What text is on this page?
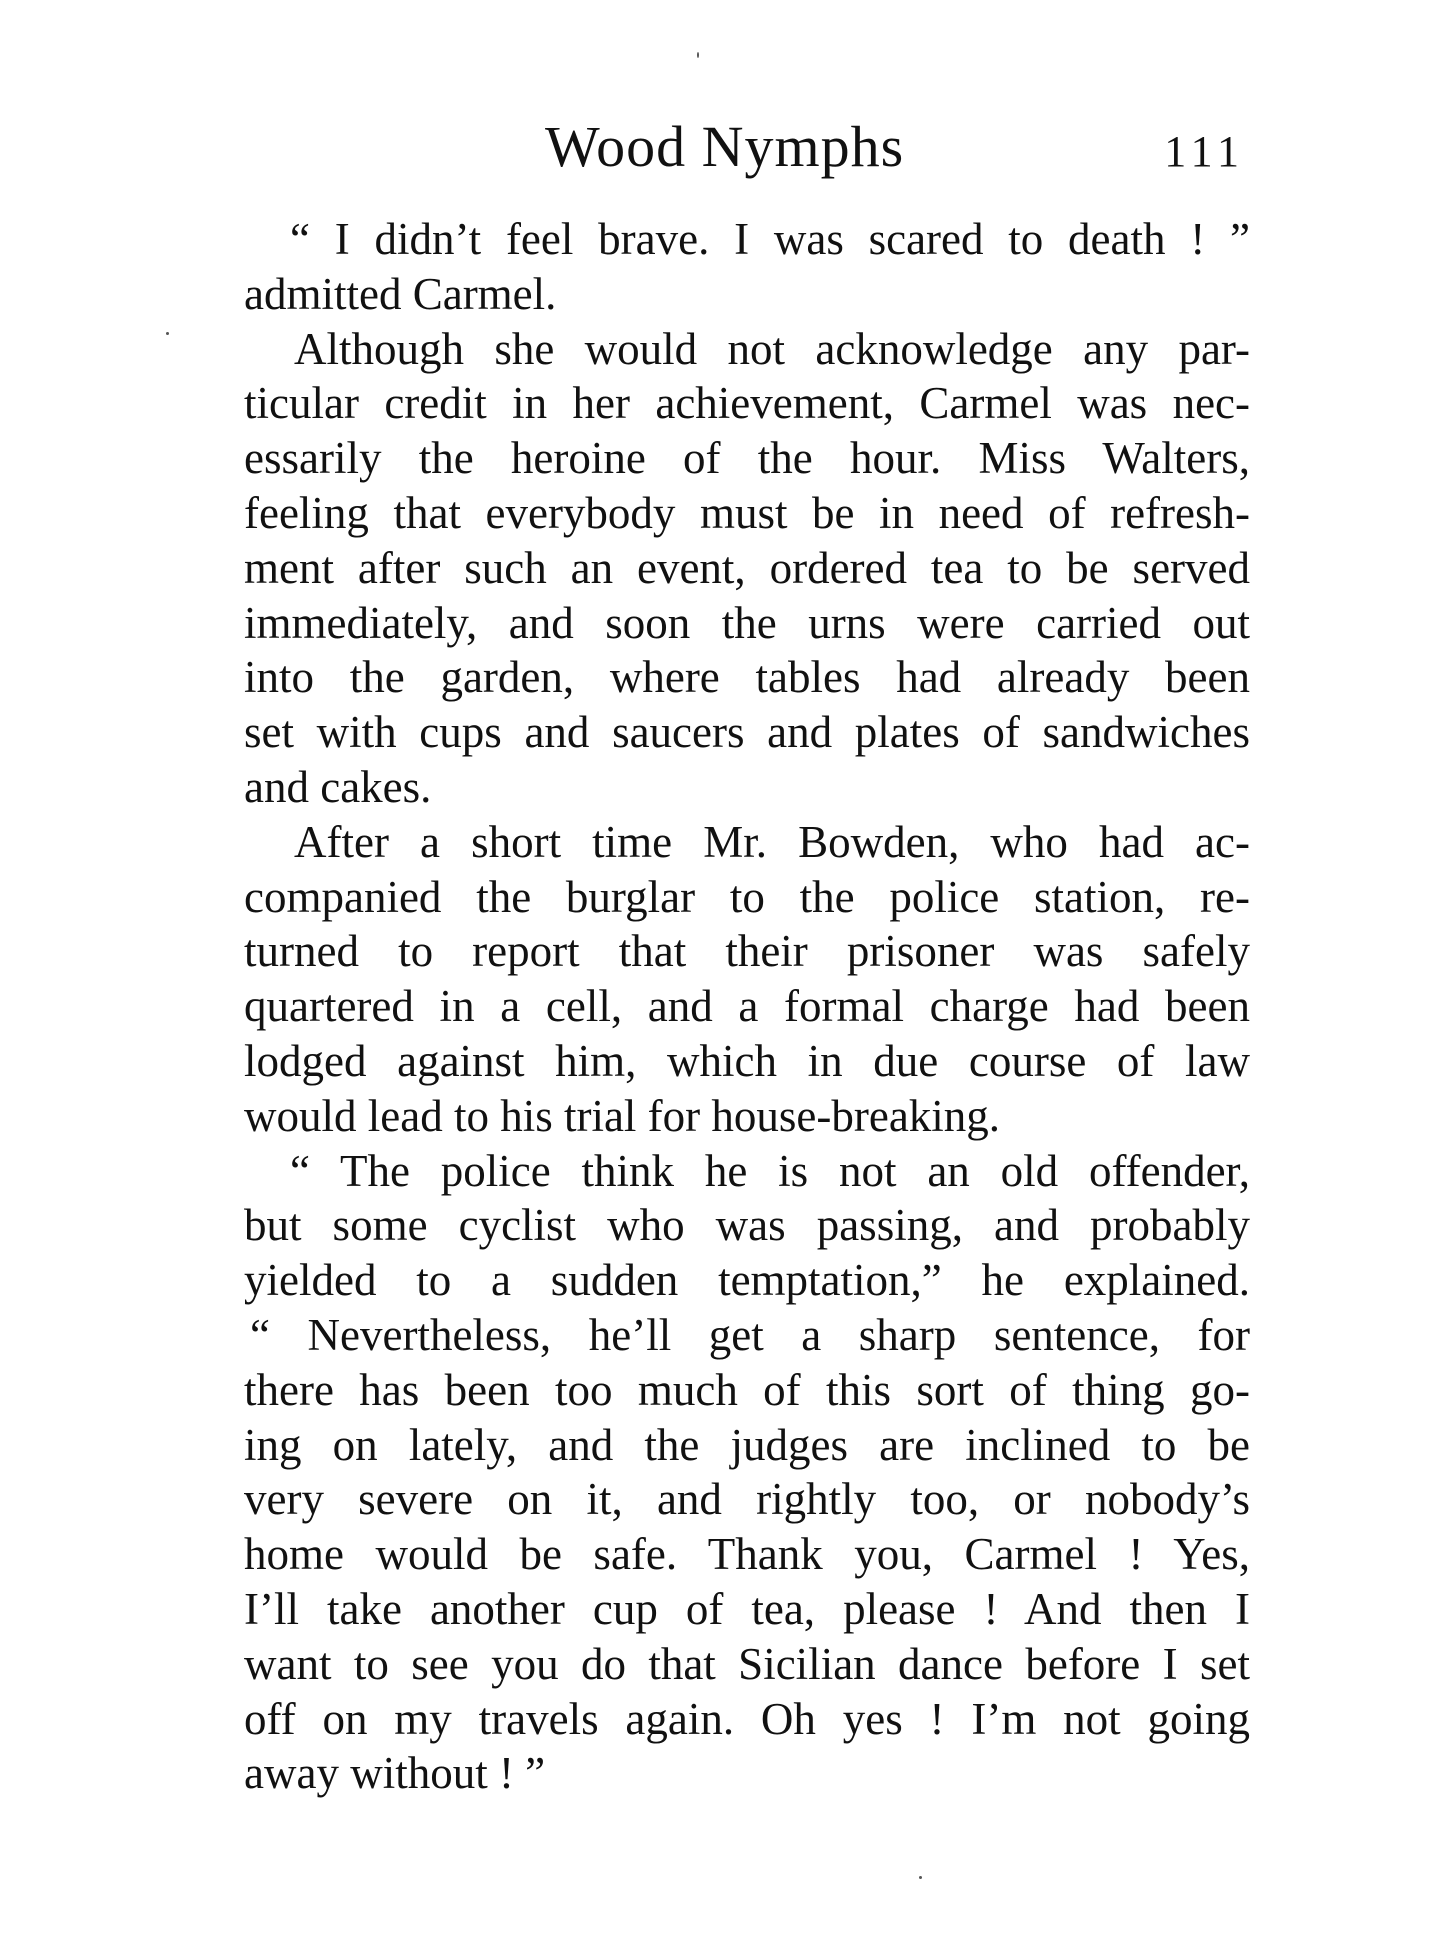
Wood Nymphs	111
“ I didn’t feel brave. I was scared to death ! ”
admitted Carmel.
Although she would not acknowledge any par-
ticular credit in her achievement, Carmel was nec-
essarily the heroine of the hour. Miss Walters,
feeling that everybody must be in need of refresh-
ment after such an event, ordered tea to be served
immediately, and soon the urns were carried out
into the garden, where tables had already been
set with cups and saucers and plates of sandwiches
and cakes.
After a short time Mr. Bowden, who had ac-
companied the burglar to the police station, re-
turned to report that their prisoner was safely
quartered in a cell, and a formal charge had been
lodged against him, which in due course of law
would lead to his trial for house-breaking.
“ The police think he is not an old offender,
but some cyclist who was passing, and probably
yielded to a sudden temptation,” he explained.
“ Nevertheless, he’ll get a sharp sentence, for
there has been too much of this sort of thing go-
ing on lately, and the judges are inclined to be
very severe on it, and rightly too, or nobody’s
home would be safe. Thank you, Carmel ! Yes,
I’ll take another cup of tea, please ! And then I
want to see you do that Sicilian dance before I set
off on my travels again. Oh yes ! I’m not going
away without ! ”
